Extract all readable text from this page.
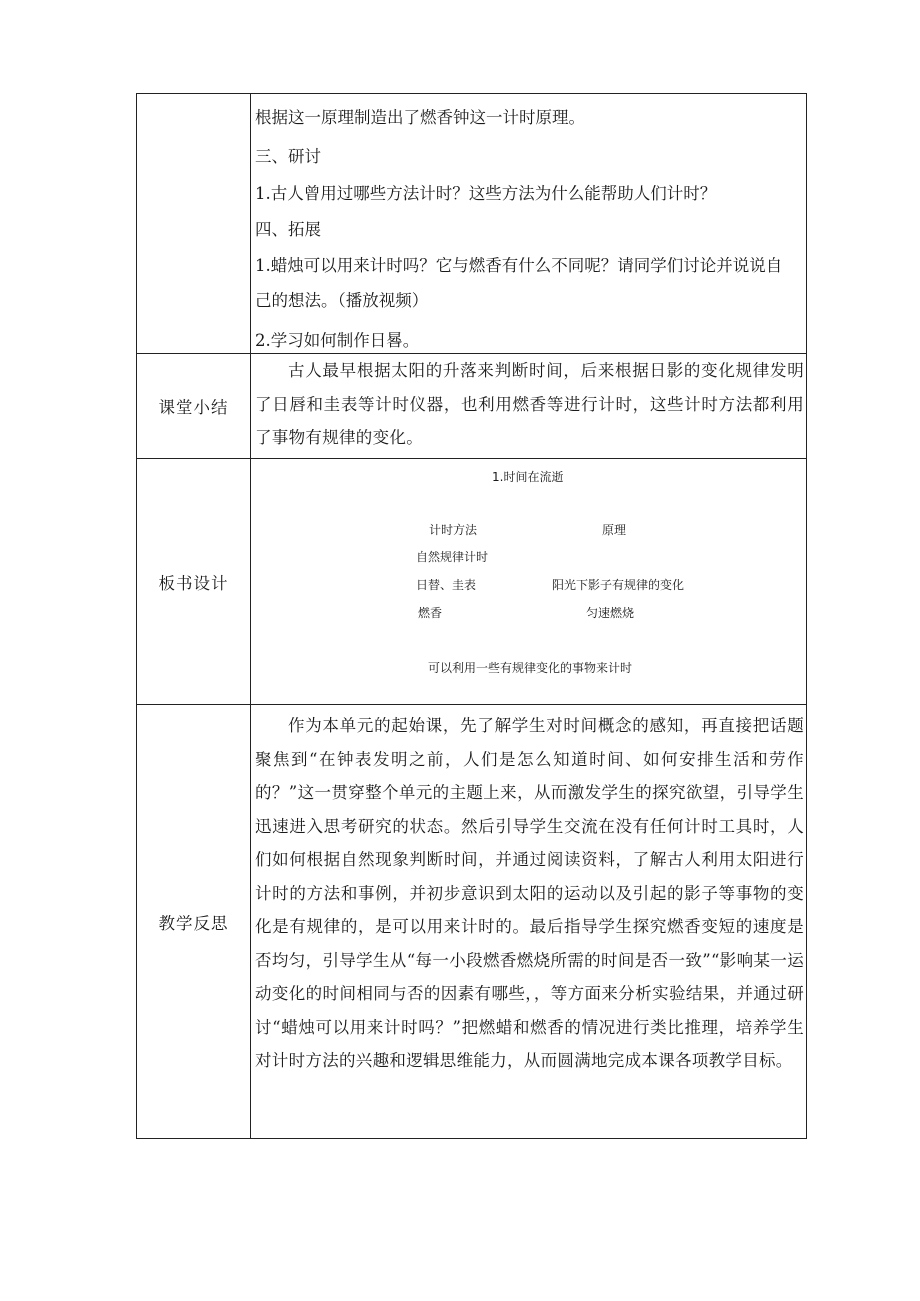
根据这一原理制造出了燃香钟这一计时原理。
三、研讨
1.古人曾用过哪些方法计时？这些方法为什么能帮助人们计时？
四、拓展
1.蜡烛可以用来计时吗？它与燃香有什么不同呢？请同学们讨论并说说自
己的想法。（播放视频）
2.学习如何制作日晷。
课堂小结
古人最早根据太阳的升落来判断时间，后来根据日影的变化规律发明了日唇和圭表等计时仪器，也利用燃香等进行计时，这些计时方法都利用了事物有规律的变化。
板书设计
1.时间在流逝
计时方法	原理
自然规律计时
日替、圭表	阳光下影子有规律的变化
燃香	匀速燃烧
可以利用一些有规律变化的事物来计时
教学反思
作为本单元的起始课，先了解学生对时间概念的感知，再直接把话题聚焦到“在钟表发明之前，人们是怎么知道时间、如何安排生活和劳作的？”这一贯穿整个单元的主题上来，从而激发学生的探究欲望，引导学生迅速进入思考研究的状态。然后引导学生交流在没有任何计时工具时，人们如何根据自然现象判断时间，并通过阅读资料，了解古人利用太阳进行计时的方法和事例，并初步意识到太阳的运动以及引起的影子等事物的变化是有规律的，是可以用来计时的。最后指导学生探究燃香变短的速度是否均匀，引导学生从“每一小段燃香燃烧所需的时间是否一致”“影响某一运动变化的时间相同与否的因素有哪些，，等方面来分析实验结果，并通过研讨“蜡烛可以用来计时吗？”把燃蜡和燃香的情况进行类比推理，培养学生对计时方法的兴趣和逻辑思维能力，从而圆满地完成本课各项教学目标。
